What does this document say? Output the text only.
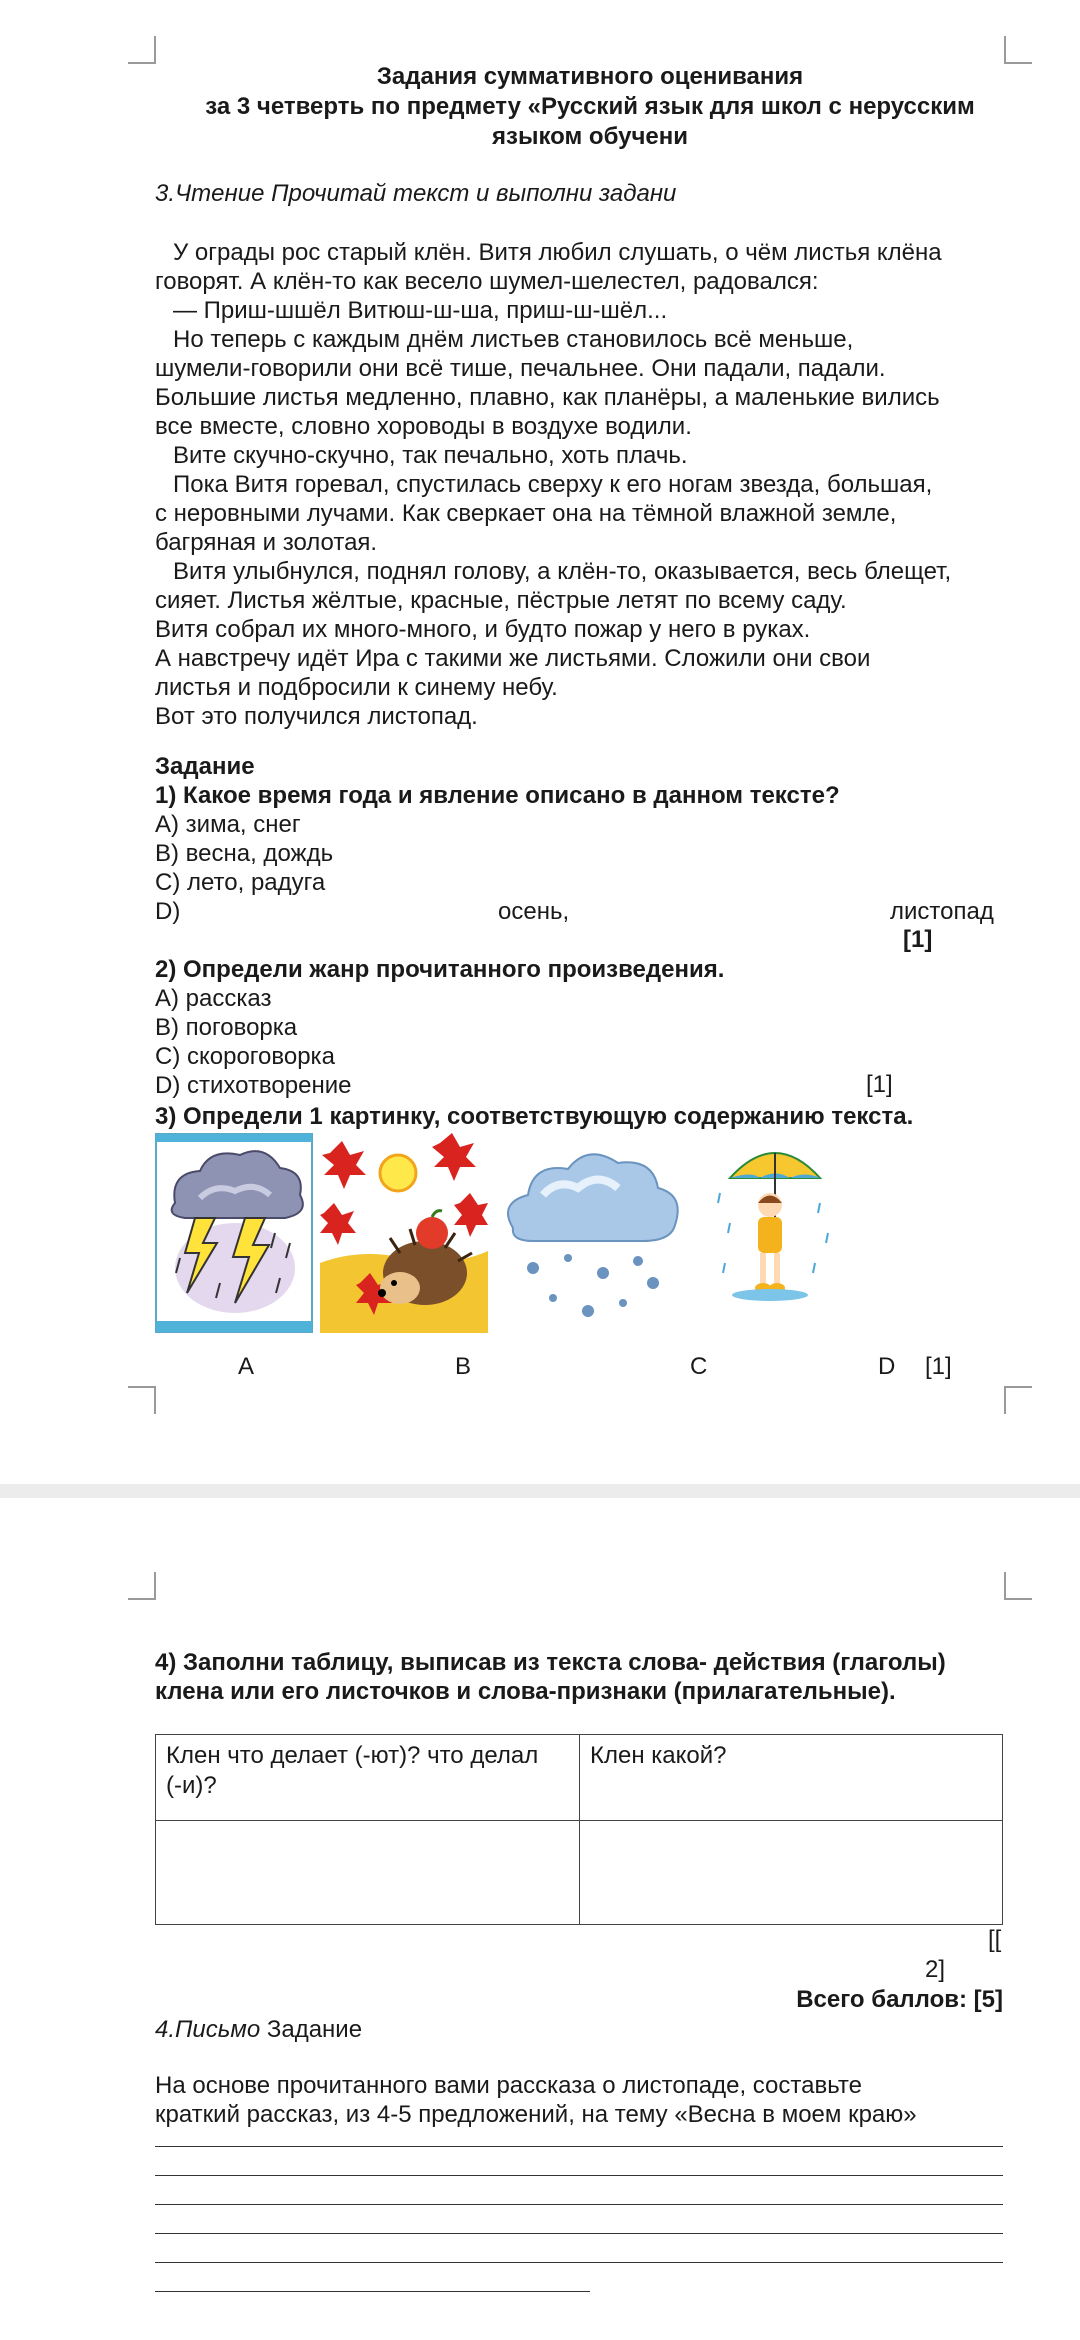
Задания суммативного оценивания
за 3 четверть по предмету «Русский язык для школ с нерусским
языком обучени
3.Чтение Прочитай текст и выполни задани

У ограды рос старый клён. Витя любил слушать, о чём листья клёна

говорят. А клён-то как весело шумел-шелестел, радовался:

— Приш-шшёл Витюш-ш-ша, приш-ш-шёл...

Но теперь с каждым днём листьев становилось всё меньше,

шумели-говорили они всё тише, печальнее. Они падали, падали.

Большие листья медленно, плавно, как планёры, а маленькие вились

все вместе, словно хороводы в воздухе водили.

Вите скучно-скучно, так печально, хоть плачь.

Пока Витя горевал, спустилась сверху к его ногам звезда, большая,

с неровными лучами. Как сверкает она на тёмной влажной земле,

багряная и золотая.

Витя улыбнулся, поднял голову, а клён-то, оказывается, весь блещет,

сияет. Листья жёлтые, красные, пёстрые летят по всему саду.

Витя собрал их много-много, и будто пожар у него в руках.

А навстречу идёт Ира с такими же листьями. Сложили они свои

листья и подбросили к синему небу.

Вот это получился листопад.

Задание
1) Какое время года и явление описано в данном тексте?
А) зима, снег
В) весна, дождь
С) лето, радуга
D)	осень,	листопад
[1]
2) Определи жанр прочитанного произведения.
А) рассказ
В) поговорка
С) скороговорка
D) стихотворение	[1]
3) Определи 1 картинку, соответствующую содержанию текста.
A	B	C	D [1]
4) Заполни таблицу, выписав из текста слова- действия (глаголы)
клена или его листочков и слова-признаки (прилагательные).
Клен что делает (-ют)? что делал
(-и)?	Клен какой?

[[
2]
Всего баллов: [5]
4.Письмо Задание
На основе прочитанного вами рассказа о листопаде, составьте
краткий рассказ, из 4-5 предложений, на тему «Весна в моем краю»
